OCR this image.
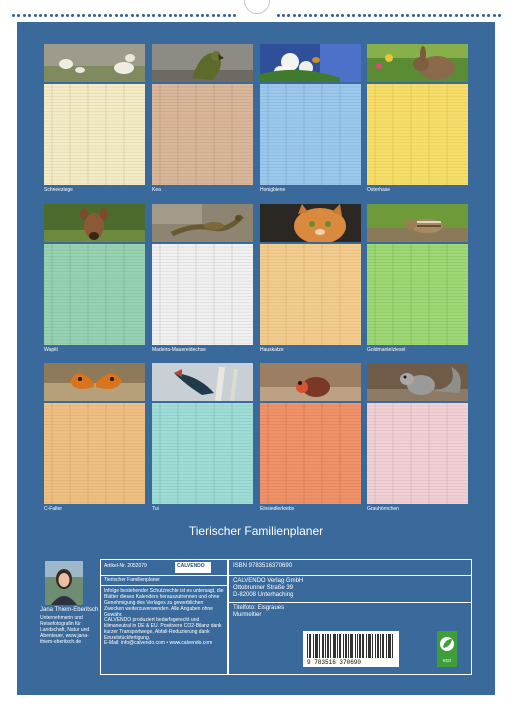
Schneeziege	Kea	Honigbiene	Osterhase
Wapiti	Madeira-Mauereidechse	Hauskatze	Goldmantelziesel
C-Falter	Tui	Einsiedlerkrebs	Grauhörnchen
Tierischer Familienplaner
Jana Thiem-Eberitsch
Unternehmerin und Reisefotografin für Landschaft, Natur und Abenteuer, www.jana-thiem-eberitsch.de
Artikel-Nr. 2052079	CALVENDO
Tierischer Familienplaner
Infolge bestehender Schutzrechte ist es untersagt, die Blätter dieses Kalenders herauszutrennen und ohne Genehmigung des Verlages zu gewerblichen Zwecken weiterzuverwenden. Alle Angaben ohne Gewähr.
CALVENDO produziert bedarfsgerecht und klimaneutral in DE & EU. Positivere CO2-Bilanz dank kurzer Transportwege, Abfall-Reduzierung dank Einzelstückfertigung.
E-Mail: info@calvendo.com • www.calvendo.com
ISBN 9783516370690
CALVENDO Verlag GmbH
Ottobrunner Straße 39
D-82008 Unterhaching
Titelfoto: Eisgraues
Murmeltier
9 783516 370690	eco
